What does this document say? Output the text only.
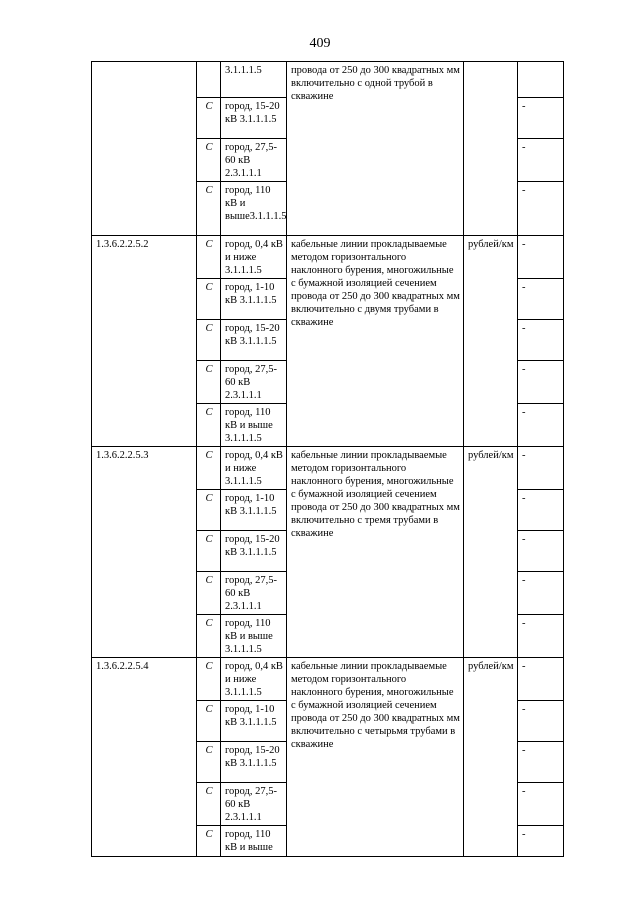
409
		3.1.1.1.5	провода от 250 до 300 квадратных мм включительно с одной трубой в скважине		
	С	город, 15-20 кВ 3.1.1.1.5			-
	С	город, 27,5-60 кВ 2.3.1.1.1			-
	С	город, 110 кВ и выше3.1.1.1.5			-
1.3.6.2.2.5.2	С	город, 0,4 кВ и ниже 3.1.1.1.5	кабельные линии прокладываемые методом горизонтального наклонного бурения, многожильные с бумажной изоляцией сечением провода от 250 до 300 квадратных мм включительно с двумя трубами в скважине	рублей/км	-
	С	город, 1-10 кВ 3.1.1.1.5			-
	С	город, 15-20 кВ 3.1.1.1.5			-
	С	город, 27,5-60 кВ 2.3.1.1.1			-
	С	город, 110 кВ и выше 3.1.1.1.5			-
1.3.6.2.2.5.3	С	город, 0,4 кВ и ниже 3.1.1.1.5	кабельные линии прокладываемые методом горизонтального наклонного бурения, многожильные с бумажной изоляцией сечением провода от 250 до 300 квадратных мм включительно с тремя трубами в скважине	рублей/км	-
	С	город, 1-10 кВ 3.1.1.1.5			-
	С	город, 15-20 кВ 3.1.1.1.5			-
	С	город, 27,5-60 кВ 2.3.1.1.1			-
	С	город, 110 кВ и выше 3.1.1.1.5			-
1.3.6.2.2.5.4	С	город, 0,4 кВ и ниже 3.1.1.1.5	кабельные линии прокладываемые методом горизонтального наклонного бурения, многожильные с бумажной изоляцией сечением провода от 250 до 300 квадратных мм включительно с четырьмя трубами в скважине	рублей/км	-
	С	город, 1-10 кВ 3.1.1.1.5			-
	С	город, 15-20 кВ 3.1.1.1.5			-
	С	город, 27,5-60 кВ 2.3.1.1.1			-
	С	город, 110 кВ и выше			-
